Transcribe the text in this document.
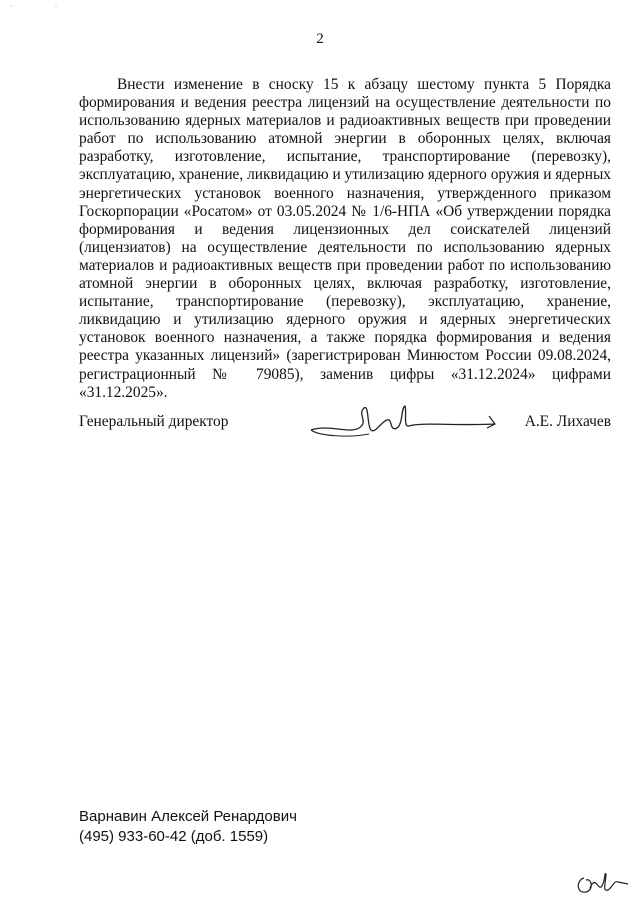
· ·
2

Внести изменение в сноску 15 к абзацу шестому пункта 5 Порядка формирования и ведения реестра лицензий на осуществление деятельности по использованию ядерных материалов и радиоактивных веществ при проведении работ по использованию атомной энергии в оборонных целях, включая разработку, изготовление, испытание, транспортирование (перевозку), эксплуатацию, хранение, ликвидацию и утилизацию ядерного оружия и ядерных энергетических установок военного назначения, утвержденного приказом Госкорпорации «Росатом» от 03.05.2024 № 1/6-НПА «Об утверждении порядка формирования и ведения лицензионных дел соискателей лицензий (лицензиатов) на осуществление деятельности по использованию ядерных материалов и радиоактивных веществ при проведении работ по использованию атомной энергии в оборонных целях, включая разработку, изготовление, испытание, транспортирование (перевозку), эксплуатацию, хранение, ликвидацию и утилизацию ядерного оружия и ядерных энергетических установок военного назначения, а также порядка формирования и ведения реестра указанных лицензий» (зарегистрирован Минюстом России 09.08.2024, регистрационный № 79085), заменив цифры «31.12.2024» цифрами «31.12.2025».

Генеральный директор	А.Е. Лихачев
Варнавин Алексей Ренардович
(495) 933-60-42 (доб. 1559)
